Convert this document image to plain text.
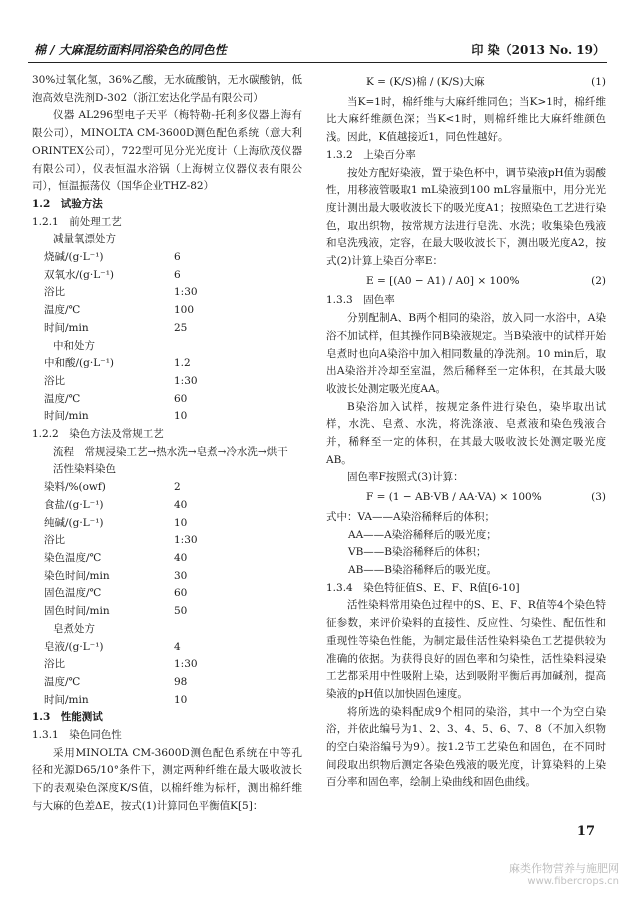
棉 / 大麻混纺面料同浴染色的同色性	印 染（2013 No. 19）

30%过氧化氢，36%乙酸，无水硫酸钠，无水碳酸钠，低泡高效皂洗剂D-302（浙江宏达化学品有限公司）

仪器 AL296型电子天平（梅特勒-托利多仪器上海有限公司），MINOLTA CM-3600D测色配色系统（意大利ORINTEX公司），722型可见分光光度计（上海欣茂仪器有限公司），仪表恒温水浴锅（上海树立仪器仪表有限公司），恒温振荡仪（国华企业THZ-82）

1.2　试验方法

1.2.1　前处理工艺

减量氧漂处方

烧碱/(g·L⁻¹)	6
双氧水/(g·L⁻¹)	6
浴比	1:30
温度/℃	100
时间/min	25

中和处方

中和酸/(g·L⁻¹)	1.2
浴比	1:30
温度/℃	60
时间/min	10

1.2.2　染色方法及常规工艺

流程　常规浸染工艺→热水洗→皂煮→冷水洗→烘干

活性染料染色

染料/%(owf)	2
食盐/(g·L⁻¹)	40
纯碱/(g·L⁻¹)	10
浴比	1:30
染色温度/℃	40
染色时间/min	30
固色温度/℃	60
固色时间/min	50

皂煮处方

皂液/(g·L⁻¹)	4
浴比	1:30
温度/℃	98
时间/min	10

1.3　性能测试

1.3.1　染色同色性

采用MINOLTA CM-3600D测色配色系统在中等孔径和光源D65/10°条件下，测定两种纤维在最大吸收波长下的表观染色深度K/S值，以棉纤维为标杆，测出棉纤维与大麻的色差ΔE，按式(1)计算同色平衡值K[5]：

K = (K/S)棉 / (K/S)大麻	(1)

当K=1时，棉纤维与大麻纤维同色；当K>1时，棉纤维比大麻纤维颜色深；当K<1时，则棉纤维比大麻纤维颜色浅。因此，K值越接近1，同色性越好。

1.3.2　上染百分率

按处方配好染液，置于染色杯中，调节染液pH值为弱酸性，用移液管吸取1 mL染液到100 mL容量瓶中，用分光光度计测出最大吸收波长下的吸光度A1；按照染色工艺进行染色，取出织物，按常规方法进行皂洗、水洗；收集染色残液和皂洗残液，定容，在最大吸收波长下，测出吸光度A2，按式(2)计算上染百分率E：

E = [(A0 − A1) / A0] × 100%	(2)

1.3.3　固色率

分别配制A、B两个相同的染浴，放入同一水浴中，A染浴不加试样，但其操作同B染液规定。当B染液中的试样开始皂煮时也向A染浴中加入相同数量的净洗剂。10 min后，取出A染浴并冷却至室温，然后稀释至一定体积，在其最大吸收波长处测定吸光度AA。

B染浴加入试样，按规定条件进行染色，染毕取出试样，水洗、皂煮、水洗，将洗涤液、皂煮液和染色残液合并，稀释至一定的体积，在其最大吸收波长处测定吸光度AB。

固色率F按照式(3)计算：

F = (1 − AB·VB / AA·VA) × 100%	(3)

式中：VA——A染浴稀释后的体积；

AA——A染浴稀释后的吸光度；

VB——B染浴稀释后的体积；

AB——B染浴稀释后的吸光度。

1.3.4　染色特征值S、E、F、R值[6-10]

活性染料常用染色过程中的S、E、F、R值等4个染色特征参数，来评价染料的直接性、反应性、匀染性、配伍性和重现性等染色性能，为制定最佳活性染料染色工艺提供较为准确的依据。为获得良好的固色率和匀染性，活性染料浸染工艺都采用中性吸附上染，达到吸附平衡后再加碱剂，提高染液的pH值以加快固色速度。

将所选的染料配成9个相同的染浴，其中一个为空白染浴，并依此编号为1、2、3、4、5、6、7、8（不加入织物的空白染浴编号为9）。按1.2节工艺染色和固色，在不同时间段取出织物后测定各染色残液的吸光度，计算染料的上染百分率和固色率，绘制上染曲线和固色曲线。

17
麻类作物营养与施肥网
www.fibercrops.cn
